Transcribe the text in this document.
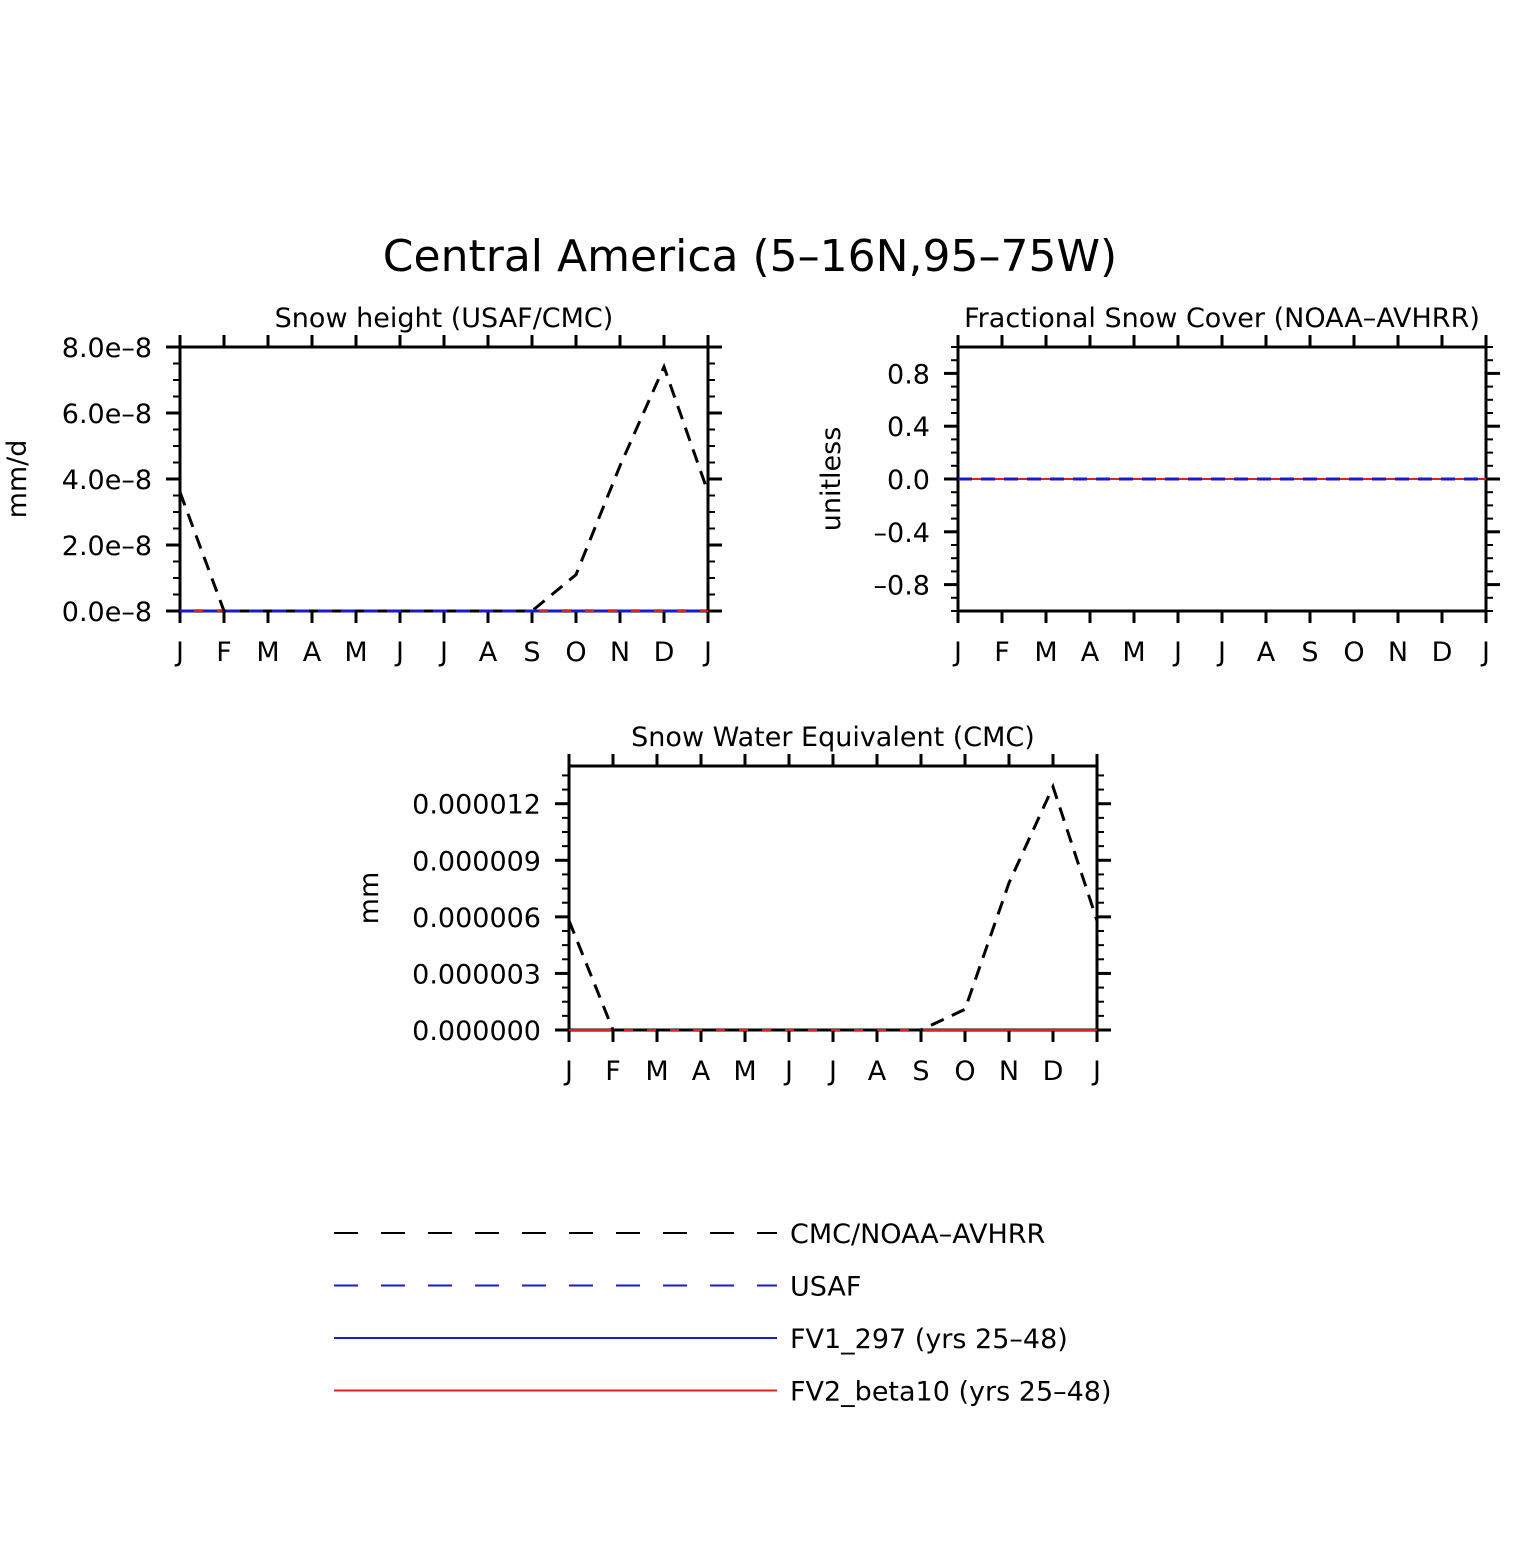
Central America (5–16N,95–75W)
Snow height (USAF/CMC)
J F M A M J J A S O N D J
0.0e–8
2.0e–8
4.0e–8
6.0e–8
8.0e–8
mm/d
Fractional Snow Cover (NOAA–AVHRR)
J F M A M J J A S O N D J
–0.8
–0.4
0.0
0.4
0.8
unitless
Snow Water Equivalent (CMC)
J F M A M J J A S O N D J
0.000000
0.000003
0.000006
0.000009
0.000012
mm
CMC/NOAA–AVHRR
USAF
FV1_297 (yrs 25–48)
FV2_beta10 (yrs 25–48)
